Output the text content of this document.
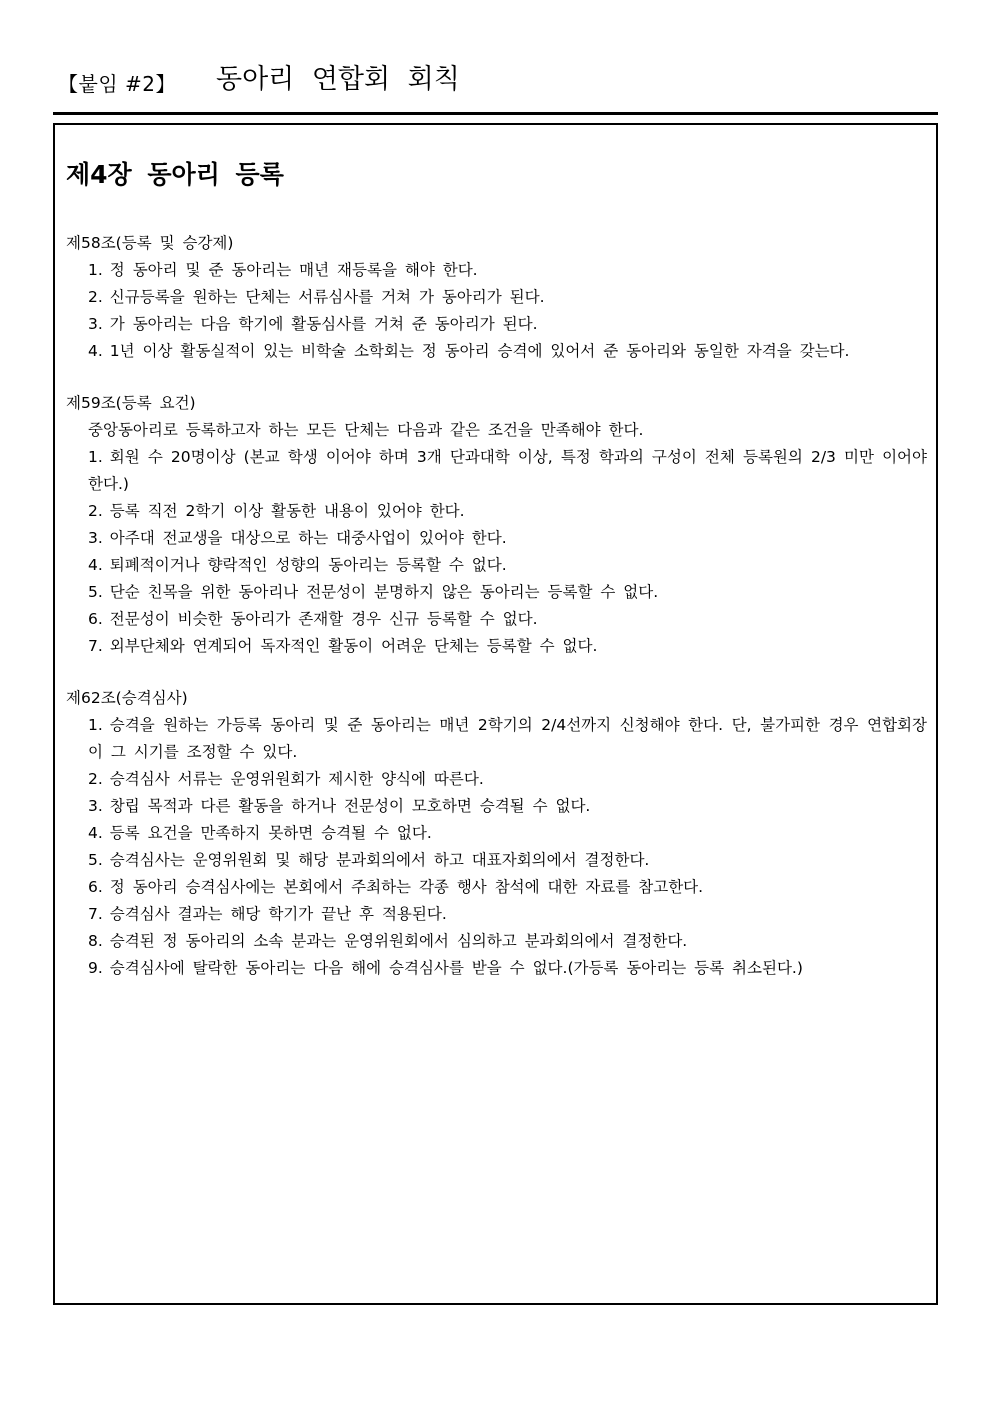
【붙임 #2】 동아리 연합회 회칙
제4장 동아리 등록

제58조(등록 및 승강제)

1. 정 동아리 및 준 동아리는 매년 재등록을 해야 한다.

2. 신규등록을 원하는 단체는 서류심사를 거쳐 가 동아리가 된다.

3. 가 동아리는 다음 학기에 활동심사를 거쳐 준 동아리가 된다.

4. 1년 이상 활동실적이 있는 비학술 소학회는 정 동아리 승격에 있어서 준 동아리와 동일한 자격을 갖는다.

제59조(등록 요건)

중앙동아리로 등록하고자 하는 모든 단체는 다음과 같은 조건을 만족해야 한다.

1. 회원 수 20명이상 (본교 학생 이어야 하며 3개 단과대학 이상, 특정 학과의 구성이 전체 등록원의 2/3 미만 이어야 한다.)

2. 등록 직전 2학기 이상 활동한 내용이 있어야 한다.

3. 아주대 전교생을 대상으로 하는 대중사업이 있어야 한다.

4. 퇴폐적이거나 향락적인 성향의 동아리는 등록할 수 없다.

5. 단순 친목을 위한 동아리나 전문성이 분명하지 않은 동아리는 등록할 수 없다.

6. 전문성이 비슷한 동아리가 존재할 경우 신규 등록할 수 없다.

7. 외부단체와 연계되어 독자적인 활동이 어려운 단체는 등록할 수 없다.

제62조(승격심사)

1. 승격을 원하는 가등록 동아리 및 준 동아리는 매년 2학기의 2/4선까지 신청해야 한다. 단, 불가피한 경우 연합회장이 그 시기를 조정할 수 있다.

2. 승격심사 서류는 운영위원회가 제시한 양식에 따른다.

3. 창립 목적과 다른 활동을 하거나 전문성이 모호하면 승격될 수 없다.

4. 등록 요건을 만족하지 못하면 승격될 수 없다.

5. 승격심사는 운영위원회 및 해당 분과회의에서 하고 대표자회의에서 결정한다.

6. 정 동아리 승격심사에는 본회에서 주최하는 각종 행사 참석에 대한 자료를 참고한다.

7. 승격심사 결과는 해당 학기가 끝난 후 적용된다.

8. 승격된 정 동아리의 소속 분과는 운영위원회에서 심의하고 분과회의에서 결정한다.

9. 승격심사에 탈락한 동아리는 다음 해에 승격심사를 받을 수 없다.(가등록 동아리는 등록 취소된다.)
